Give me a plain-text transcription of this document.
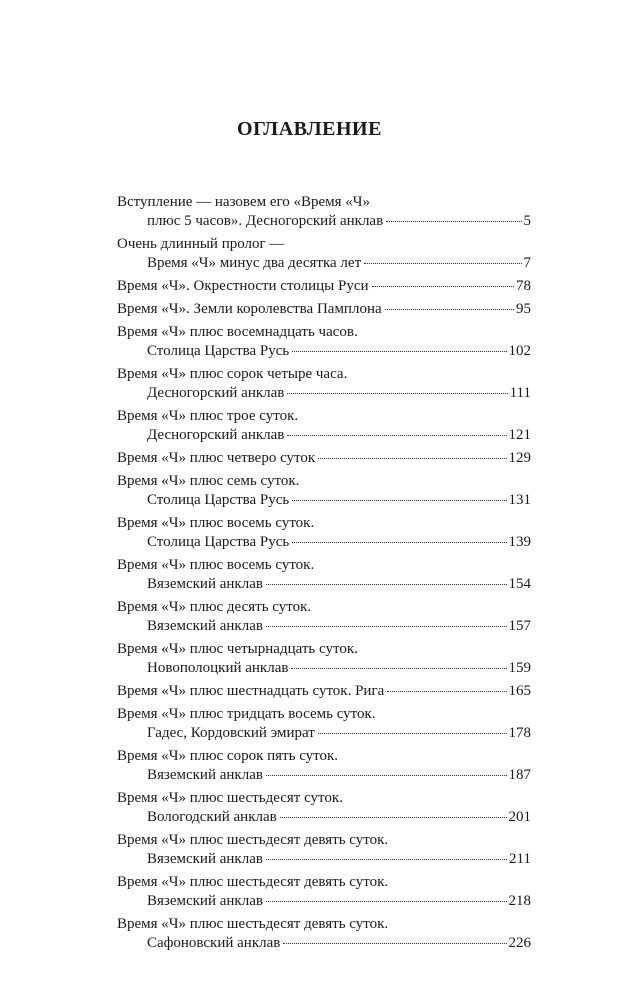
ОГЛАВЛЕНИЕ
Вступление — назовем его «Время «Ч»
плюс 5 часов». Десногорский анклав	5
Очень длинный пролог —
Время «Ч» минус два десятка лет	7
Время «Ч». Окрестности столицы Руси	78
Время «Ч». Земли королевства Памплона	95
Время «Ч» плюс восемнадцать часов.
Столица Царства Русь	102
Время «Ч» плюс сорок четыре часа.
Десногорский анклав	111
Время «Ч» плюс трое суток.
Десногорский анклав	121
Время «Ч» плюс четверо суток	129
Время «Ч» плюс семь суток.
Столица Царства Русь	131
Время «Ч» плюс восемь суток.
Столица Царства Русь	139
Время «Ч» плюс восемь суток.
Вяземский анклав	154
Время «Ч» плюс десять суток.
Вяземский анклав	157
Время «Ч» плюс четырнадцать суток.
Новополоцкий анклав	159
Время «Ч» плюс шестнадцать суток. Рига	165
Время «Ч» плюс тридцать восемь суток.
Гадес, Кордовский эмират	178
Время «Ч» плюс сорок пять суток.
Вяземский анклав	187
Время «Ч» плюс шестьдесят суток.
Вологодский анклав	201
Время «Ч» плюс шестьдесят девять суток.
Вяземский анклав	211
Время «Ч» плюс шестьдесят девять суток.
Вяземский анклав	218
Время «Ч» плюс шестьдесят девять суток.
Сафоновский анклав	226
